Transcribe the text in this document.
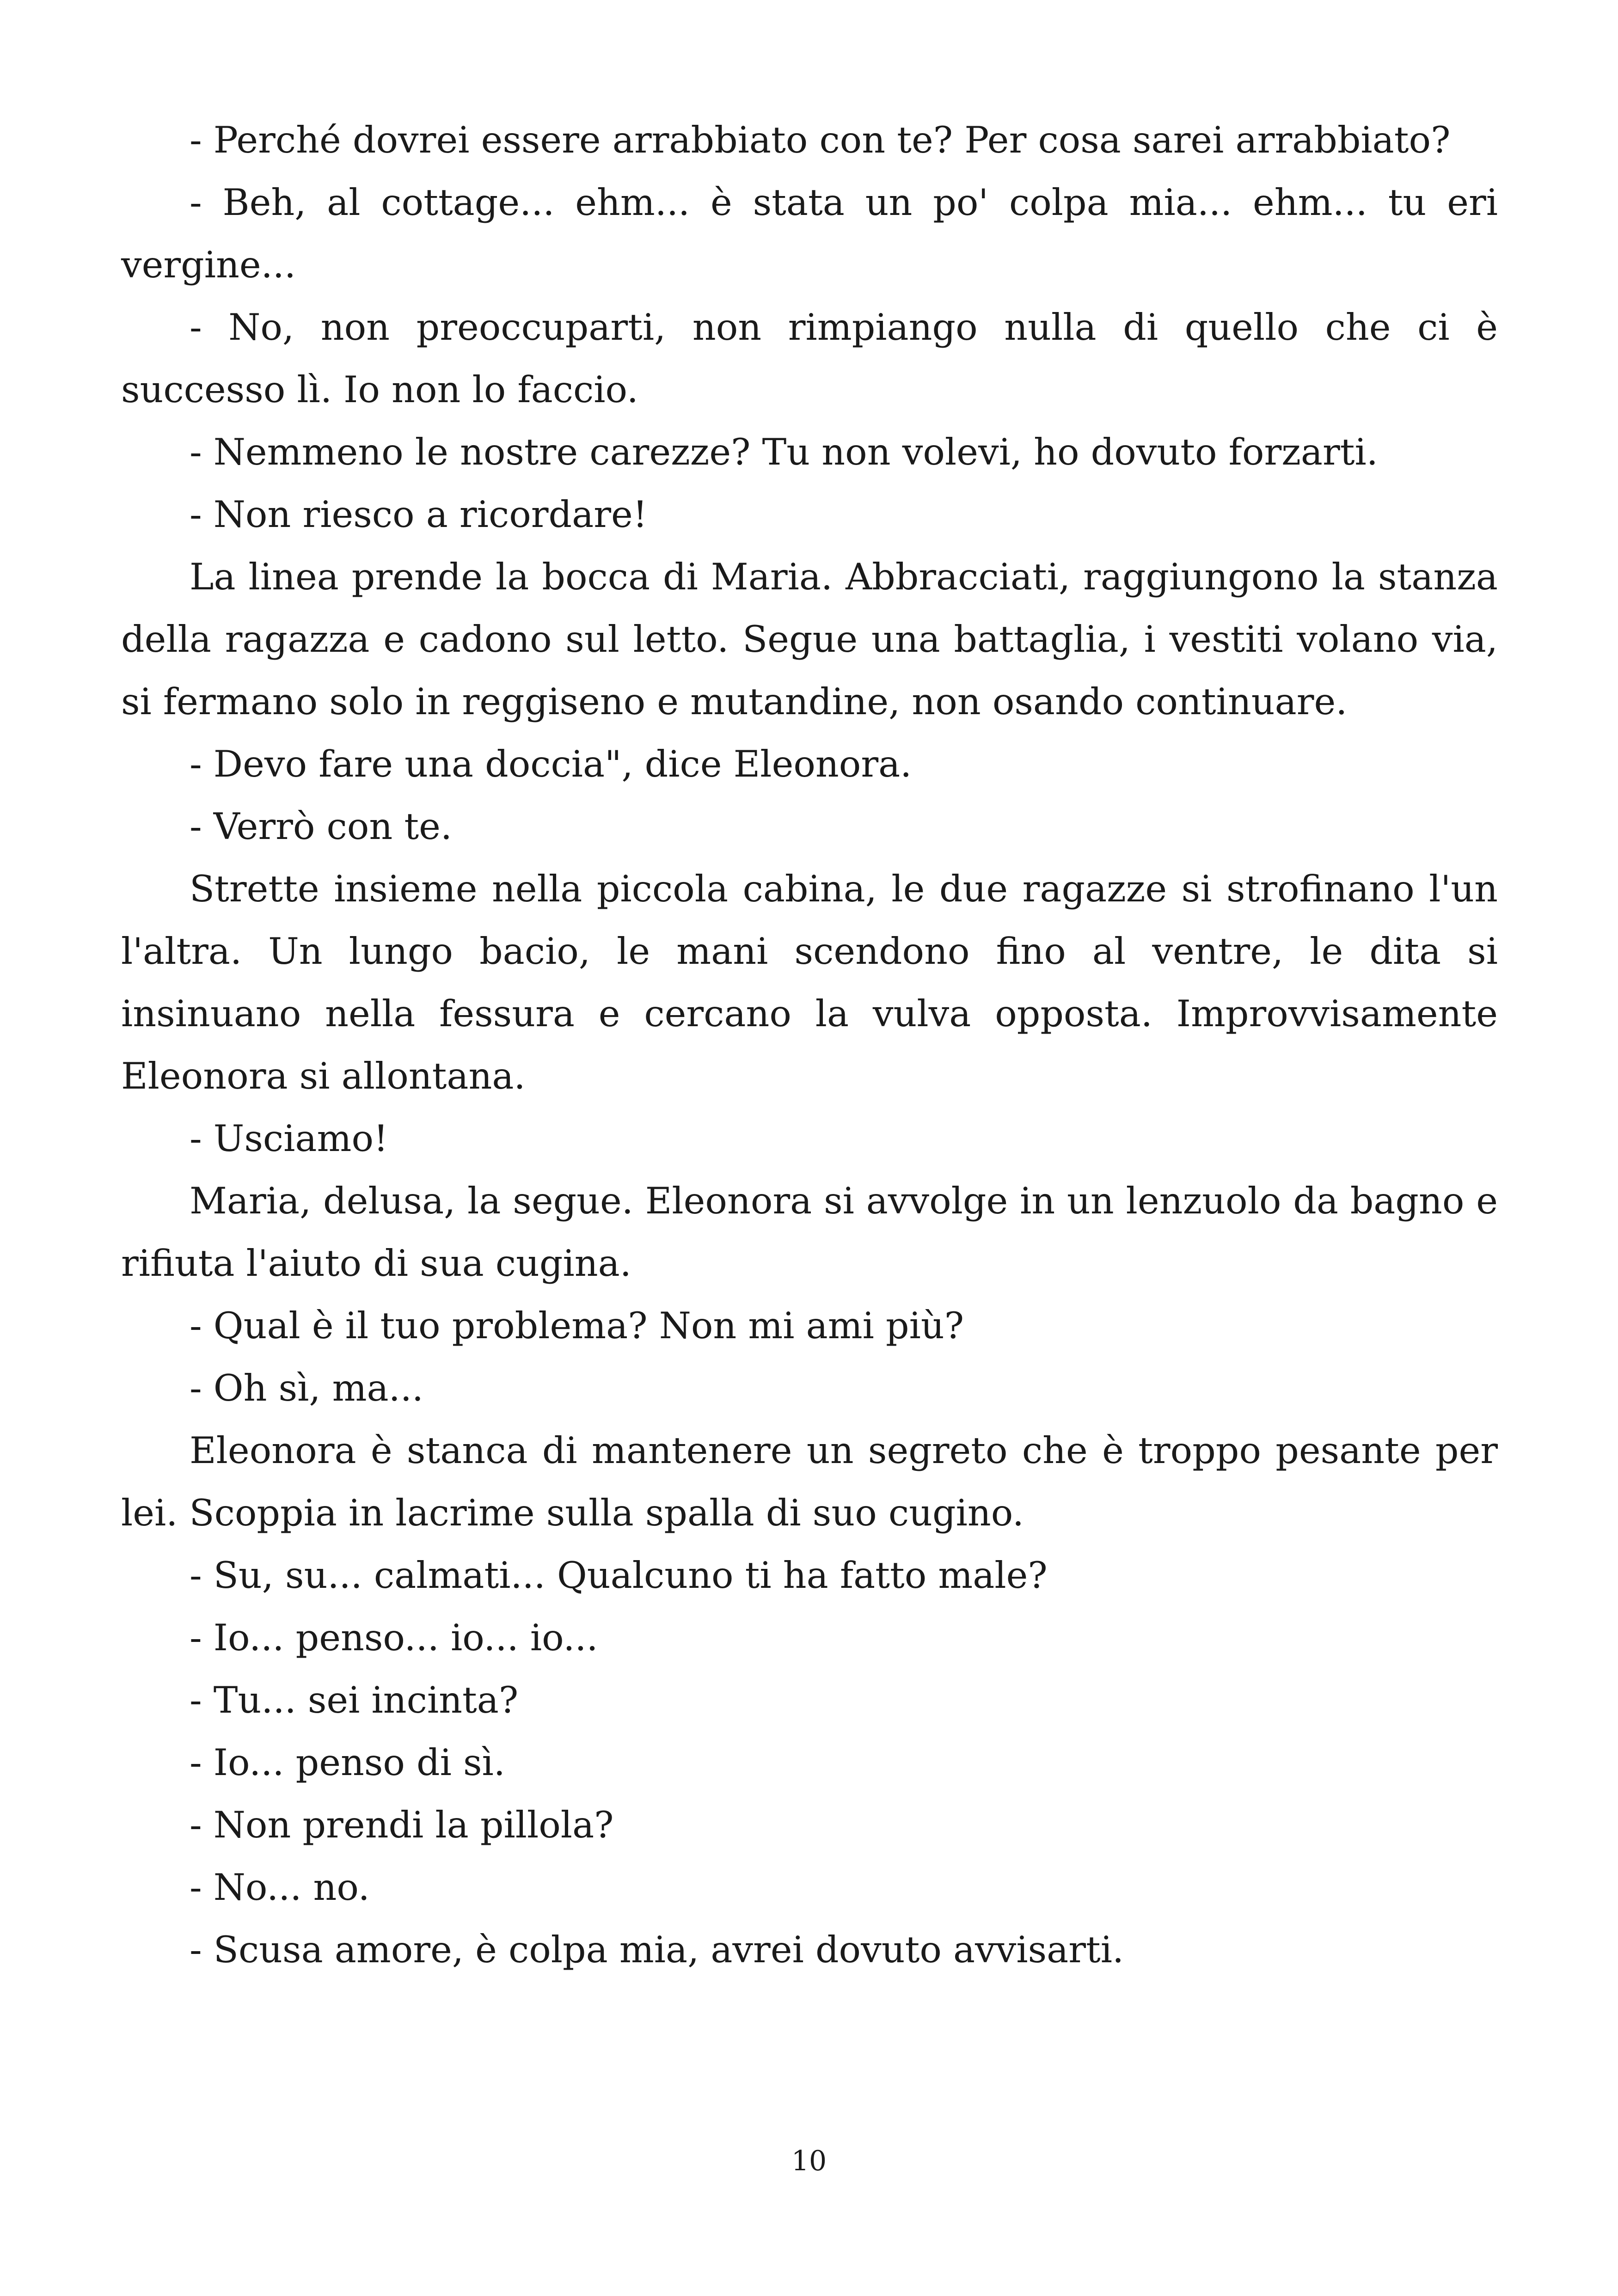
- Perché dovrei essere arrabbiato con te? Per cosa sarei arrabbiato?

- Beh, al cottage... ehm... è stata un po' colpa mia... ehm... tu eri vergine...

- No, non preoccuparti, non rimpiango nulla di quello che ci è successo lì. Io non lo faccio.

- Nemmeno le nostre carezze? Tu non volevi, ho dovuto forzarti.

- Non riesco a ricordare!

La linea prende la bocca di Maria. Abbracciati, raggiungono la stanza della ragazza e cadono sul letto. Segue una battaglia, i vestiti volano via, si fermano solo in reggiseno e mutandine, non osando continuare.

- Devo fare una doccia", dice Eleonora.

- Verrò con te.

Strette insieme nella piccola cabina, le due ragazze si strofinano l'un l'altra. Un lungo bacio, le mani scendono fino al ventre, le dita si insinuano nella fessura e cercano la vulva opposta. Improvvisamente Eleonora si allontana.

- Usciamo!

Maria, delusa, la segue. Eleonora si avvolge in un lenzuolo da bagno e rifiuta l'aiuto di sua cugina.

- Qual è il tuo problema? Non mi ami più?

- Oh sì, ma...

Eleonora è stanca di mantenere un segreto che è troppo pesante per lei. Scoppia in lacrime sulla spalla di suo cugino.

- Su, su... calmati... Qualcuno ti ha fatto male?

- Io... penso... io... io...

- Tu... sei incinta?

- Io... penso di sì.

- Non prendi la pillola?

- No... no.

- Scusa amore, è colpa mia, avrei dovuto avvisarti.

10
